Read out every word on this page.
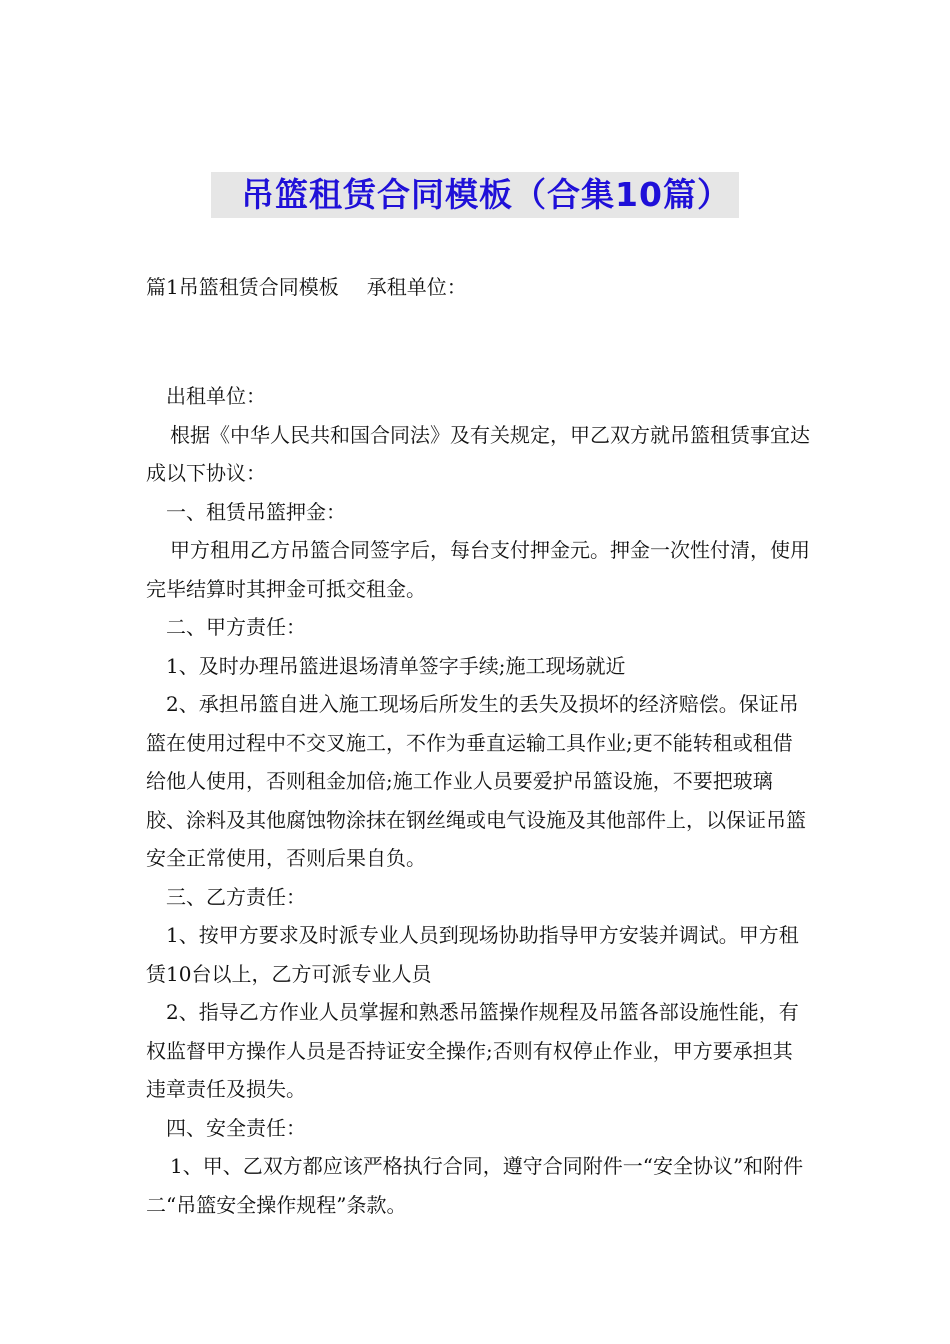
吊篮租赁合同模板（合集10篇）
篇1吊篮租赁合同模板 承租单位：

出租单位：

根据《中华人民共和国合同法》及有关规定，甲乙双方就吊篮租赁事宜达成以下协议：

一、租赁吊篮押金：

甲方租用乙方吊篮合同签字后，每台支付押金元。押金一次性付清，使用完毕结算时其押金可抵交租金。

二、甲方责任：

1、及时办理吊篮进退场清单签字手续;施工现场就近

2、承担吊篮自进入施工现场后所发生的丢失及损坏的经济赔偿。保证吊篮在使用过程中不交叉施工，不作为垂直运输工具作业;更不能转租或租借给他人使用，否则租金加倍;施工作业人员要爱护吊篮设施，不要把玻璃胶、涂料及其他腐蚀物涂抹在钢丝绳或电气设施及其他部件上，以保证吊篮安全正常使用，否则后果自负。

三、乙方责任：

1、按甲方要求及时派专业人员到现场协助指导甲方安装并调试。甲方租赁10台以上，乙方可派专业人员

2、指导乙方作业人员掌握和熟悉吊篮操作规程及吊篮各部设施性能，有权监督甲方操作人员是否持证安全操作;否则有权停止作业，甲方要承担其违章责任及损失。

四、安全责任：

1、甲、乙双方都应该严格执行合同，遵守合同附件一“安全协议”和附件二“吊篮安全操作规程”条款。
